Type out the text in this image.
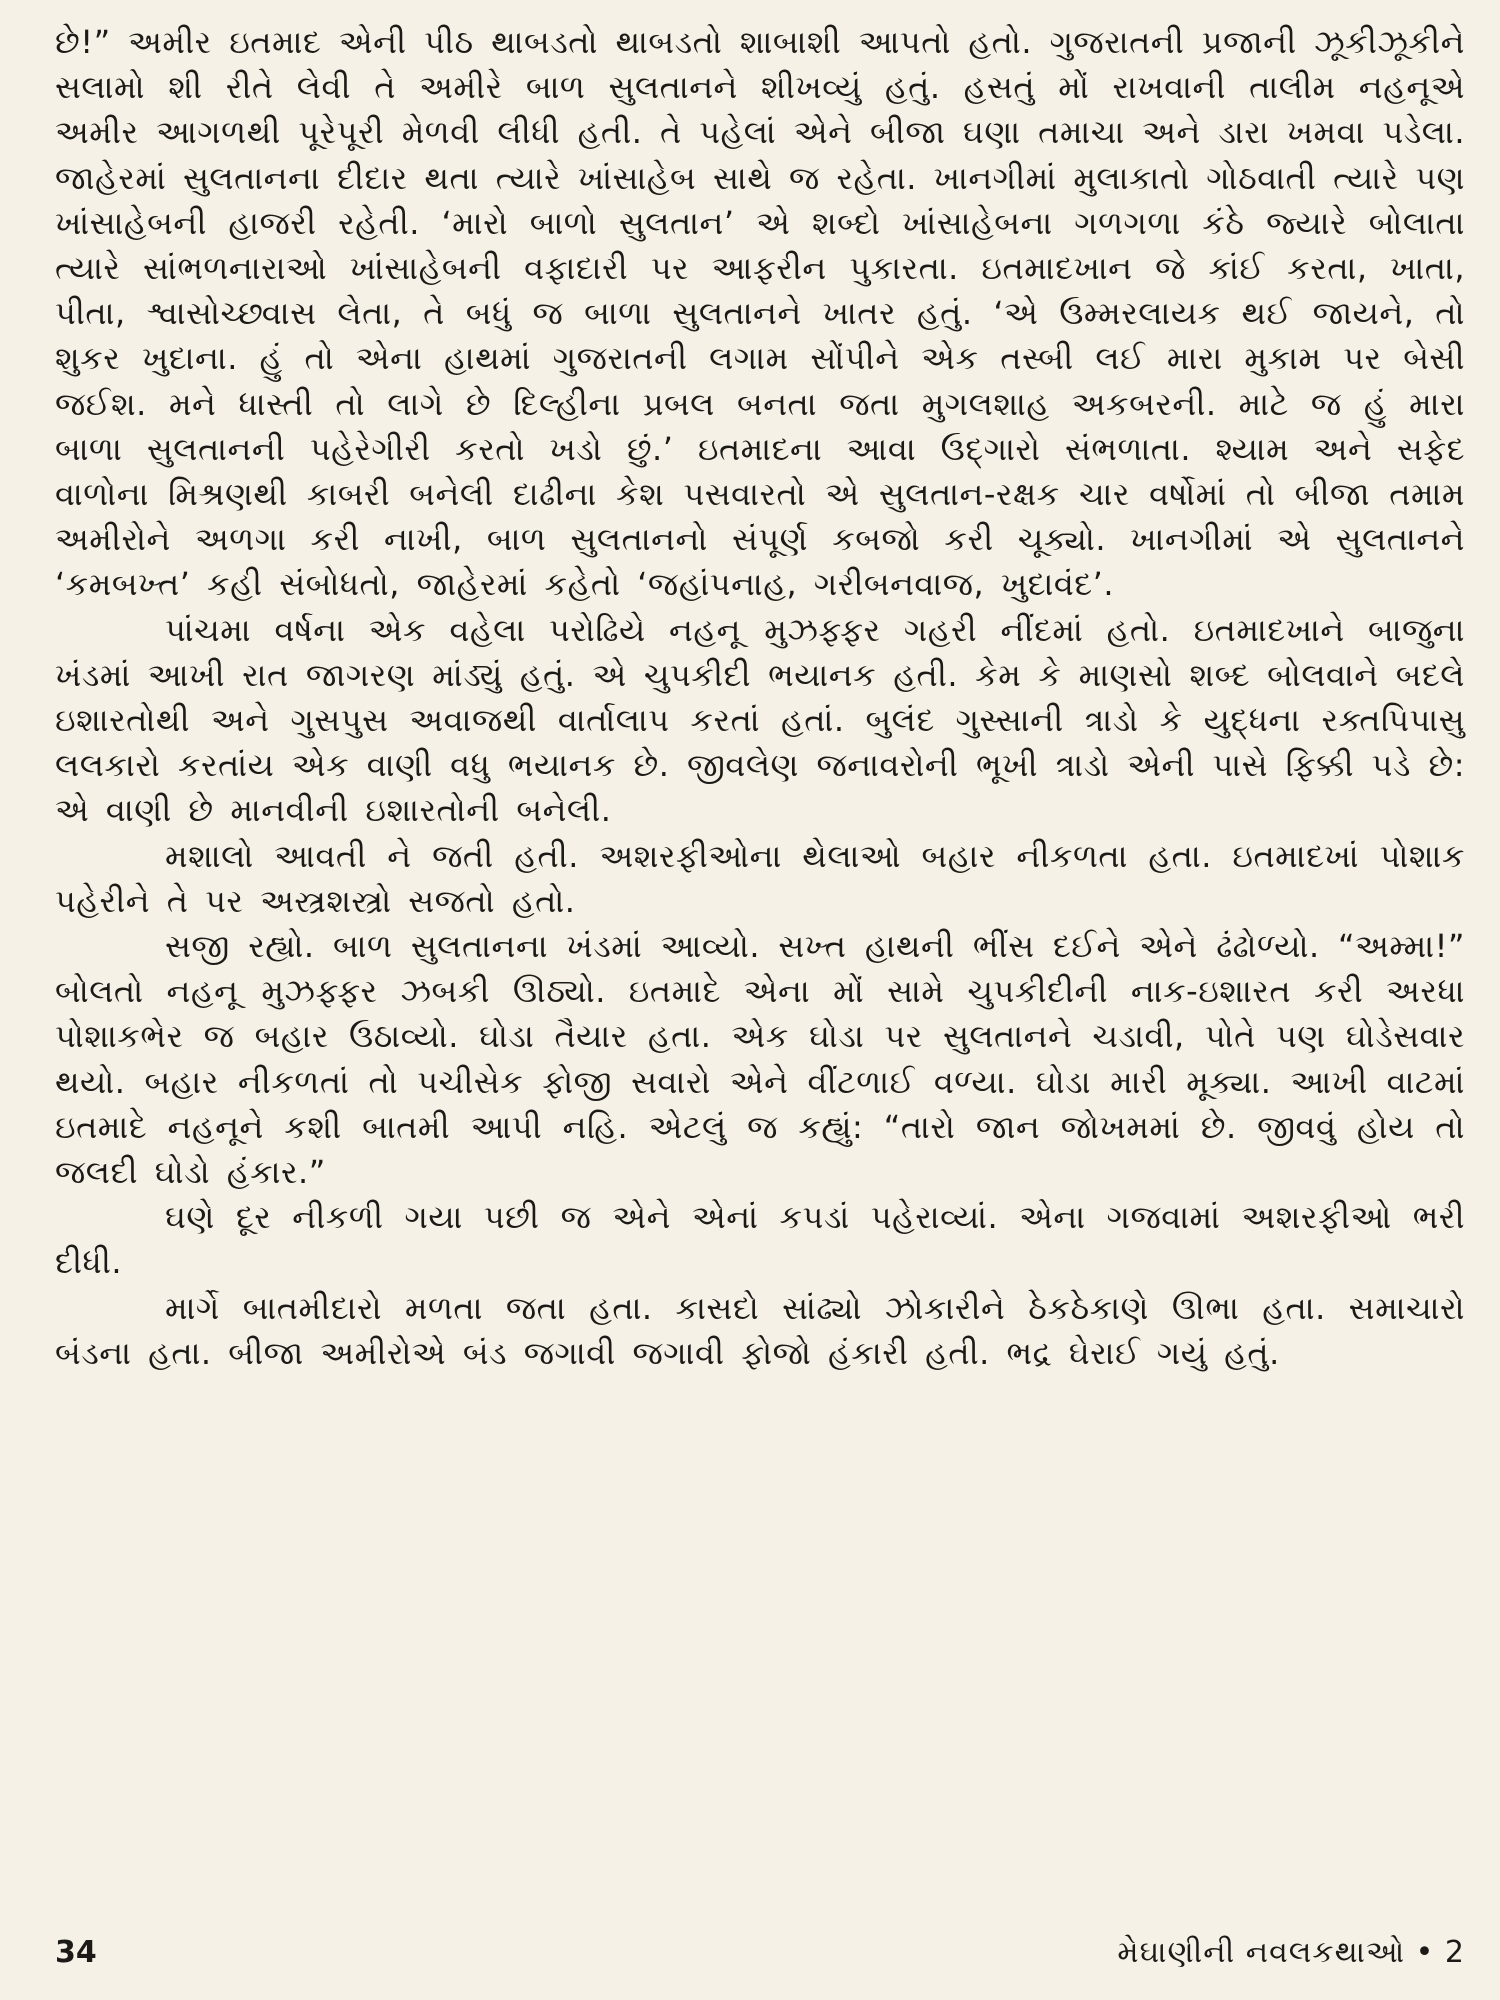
છે!” અમીર ઇતમાદ એની પીઠ થાબડતો થાબડતો શાબાશી આપતો હતો. ગુજરાતની પ્રજાની ઝૂકીઝૂકીને સલામો શી રીતે લેવી તે અમીરે બાળ સુલતાનને શીખવ્યું હતું. હસતું મોં રાખવાની તાલીમ નહનૂએ અમીર આગળથી પૂરેપૂરી મેળવી લીધી હતી. તે પહેલાં એને બીજા ઘણા તમાચા અને ડારા ખમવા પડેલા. જાહેરમાં સુલતાનના દીદાર થતા ત્યારે ખાંસાહેબ સાથે જ રહેતા. ખાનગીમાં મુલાકાતો ગોઠવાતી ત્યારે પણ ખાંસાહેબની હાજરી રહેતી. ‘મારો બાળો સુલતાન’ એ શબ્દો ખાંસાહેબના ગળગળા કંઠે જ્યારે બોલાતા ત્યારે સાંભળનારાઓ ખાંસાહેબની વફાદારી પર આફરીન પુકારતા. ઇતમાદખાન જે કાંઈ કરતા, ખાતા, પીતા, શ્વાસોચ્છ્વાસ લેતા, તે બધું જ બાળા સુલતાનને ખાતર હતું. ‘એ ઉમ્મરલાયક થઈ જાયને, તો શુકર ખુદાના. હું તો એના હાથમાં ગુજરાતની લગામ સોંપીને એક તસ્બી લઈ મારા મુકામ પર બેસી જઈશ. મને ધાસ્તી તો લાગે છે દિલ્હીના પ્રબલ બનતા જતા મુગલશાહ અકબરની. માટે જ હું મારા બાળા સુલતાનની પહેરેગીરી કરતો ખડો છું.’ ઇતમાદના આવા ઉદ્ગારો સંભળાતા. શ્યામ અને સફેદ વાળોના મિશ્રણથી કાબરી બનેલી દાઢીના કેશ પસવારતો એ સુલતાન-રક્ષક ચાર વર્ષોમાં તો બીજા તમામ અમીરોને અળગા કરી નાખી, બાળ સુલતાનનો સંપૂર્ણ કબજો કરી ચૂક્યો. ખાનગીમાં એ સુલતાનને ‘કમબખ્ત’ કહી સંબોધતો, જાહેરમાં કહેતો ‘જહાંપનાહ, ગરીબનવાજ, ખુદાવંદ’.

પાંચમા વર્ષના એક વહેલા પરોઢિયે નહનૂ મુઝફ્ફર ગહરી નીંદમાં હતો. ઇતમાદખાને બાજુના ખંડમાં આખી રાત જાગરણ માંડ્યું હતું. એ ચુપકીદી ભયાનક હતી. કેમ કે માણસો શબ્દ બોલવાને બદલે ઇશારતોથી અને ગુસપુસ અવાજથી વાર્તાલાપ કરતાં હતાં. બુલંદ ગુસ્સાની ત્રાડો કે યુદ્ધના રક્તપિપાસુ લલકારો કરતાંય એક વાણી વધુ ભયાનક છે. જીવલેણ જનાવરોની ભૂખી ત્રાડો એની પાસે ફિક્કી પડે છે: એ વાણી છે માનવીની ઇશારતોની બનેલી.

મશાલો આવતી ને જતી હતી. અશરફીઓના થેલાઓ બહાર નીકળતા હતા. ઇતમાદખાં પોશાક પહેરીને તે પર અસ્ત્રશસ્ત્રો સજતો હતો.

સજી રહ્યો. બાળ સુલતાનના ખંડમાં આવ્યો. સખ્ત હાથની ભીંસ દઈને એને ઢંઢોળ્યો. “અમ્મા!” બોલતો નહનૂ મુઝફ્ફર ઝબકી ઊઠ્યો. ઇતમાદે એના મોં સામે ચુપકીદીની નાક-ઇશારત કરી અરધા પોશાકભેર જ બહાર ઉઠાવ્યો. ઘોડા તૈયાર હતા. એક ઘોડા પર સુલતાનને ચડાવી, પોતે પણ ઘોડેસવાર થયો. બહાર નીકળતાં તો પચીસેક ફોજી સવારો એને વીંટળાઈ વળ્યા. ઘોડા મારી મૂક્યા. આખી વાટમાં ઇતમાદે નહનૂને કશી બાતમી આપી નહિ. એટલું જ કહ્યું: “તારો જાન જોખમમાં છે. જીવવું હોય તો જલદી ઘોડો હંકાર.”

ઘણે દૂર નીકળી ગયા પછી જ એને એનાં કપડાં પહેરાવ્યાં. એના ગજવામાં અશરફીઓ ભરી દીધી.

માર્ગે બાતમીદારો મળતા જતા હતા. કાસદો સાંઢ્યો ઝોકારીને ઠેકઠેકાણે ઊભા હતા. સમાચારો બંડના હતા. બીજા અમીરોએ બંડ જગાવી જગાવી ફોજો હંકારી હતી. ભદ્ર ઘેરાઈ ગયું હતું.

34	મેઘાણીની નવલકથાઓ • 2
